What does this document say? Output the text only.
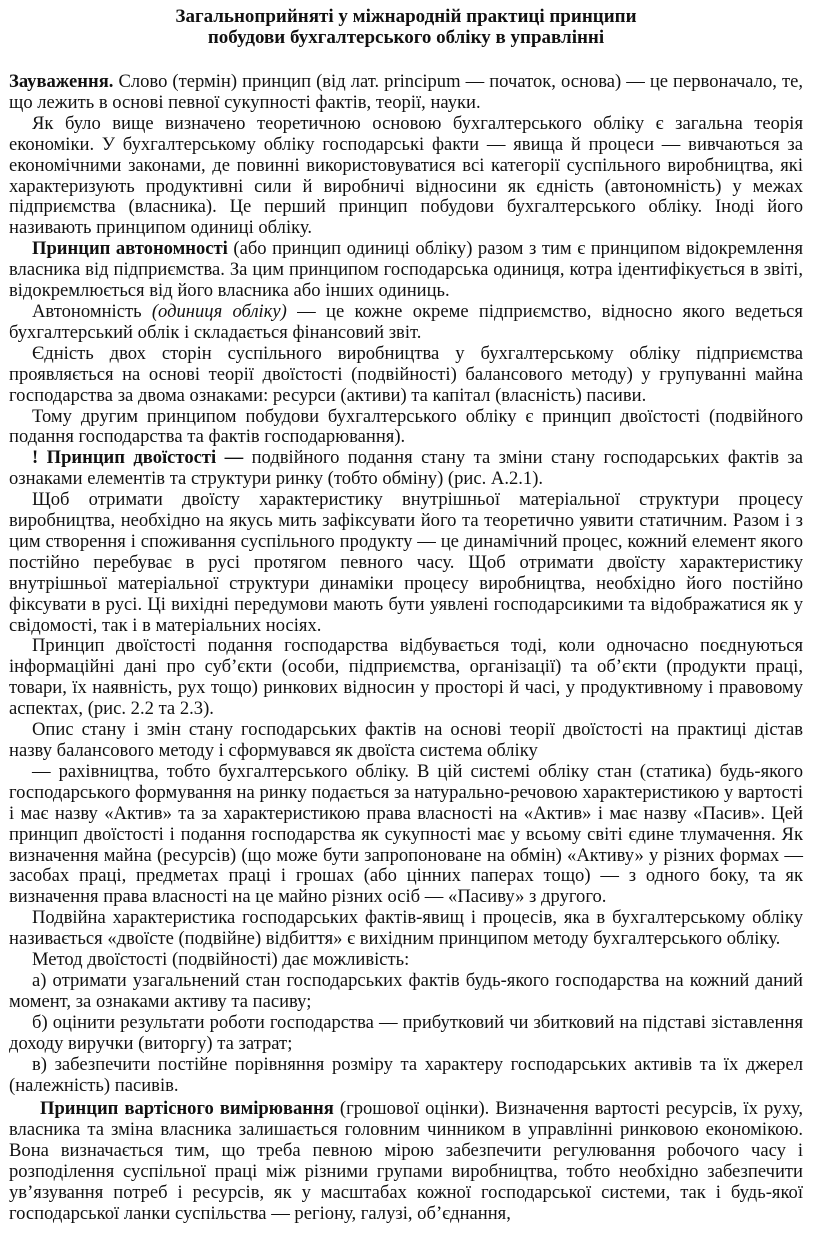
Загальноприйняті у міжнародній практиці принципи
побудови бухгалтерського обліку в управлінні

Зауваження. Слово (термін) принцип (від лат. principum — початок, основа) — це первоначало, те, що лежить в основі певної сукупності фактів, теорії, науки.

Як було вище визначено теоретичною основою бухгалтерського обліку є загальна теорія економіки. У бухгалтерському обліку господарські факти — явища й процеси — вивчаються за економічними законами, де повинні використовуватися всі категорії суспільного виробництва, які характеризують продуктивні сили й виробничі відносини як єдність (автономність) у межах підприємства (власника). Це перший принцип побудови бухгалтерського обліку. Іноді його називають принципом одиниці обліку.

Принцип автономності (або принцип одиниці обліку) разом з тим є принципом відокремлення власника від підприємства. За цим принципом господарська одиниця, котра ідентифікується в звіті, відокремлюється від його власника або інших одиниць.

Автономність (одиниця обліку) — це кожне окреме підприємство, відносно якого ведеться бухгалтерський облік і складається фінансовий звіт.

Єдність двох сторін суспільного виробництва у бухгалтерському обліку підприємства проявляється на основі теорії двоїстості (подвійності) балансового методу) у групуванні майна господарства за двома ознаками: ресурси (активи) та капітал (власність) пасиви.

Тому другим принципом побудови бухгалтерського обліку є принцип двоїстості (подвійного подання господарства та фактів господарювання).

! Принцип двоїстості — подвійного подання стану та зміни стану господарських фактів за ознаками елементів та структури ринку (тобто обміну) (рис. А.2.1).

Щоб отримати двоїсту характеристику внутрішньої матеріальної структури процесу виробництва, необхідно на якусь мить зафіксувати його та теоретично уявити статичним. Разом і з цим створення і споживання суспільного продукту — це динамічний процес, кожний елемент якого постійно перебуває в русі протягом певного часу. Щоб отримати двоїсту характеристику внутрішньої матеріальної структури динаміки процесу виробництва, необхідно його постійно фіксувати в русі. Ці вихідні передумови мають бути уявлені господарсикими та відображатися як у свідомості, так і в матеріальних носіях.

Принцип двоїстості подання господарства відбувається тоді, коли одночасно поєднуються інформаційні дані про суб’єкти (особи, підприємства, організації) та об’єкти (продукти праці, товари, їх наявність, рух тощо) ринкових відносин у просторі й часі, у продуктивному і правовому аспектах, (рис. 2.2 та 2.3).

Опис стану і змін стану господарських фактів на основі теорії двоїстості на практиці дістав назву балансового методу і сформувався як двоїста система обліку

— рахівництва, тобто бухгалтерського обліку. В цій системі обліку стан (статика) будь-якого господарського формування на ринку подається за натурально-речовою характеристикою у вартості і має назву «Актив» та за характеристикою права власності на «Актив» і має назву «Пасив». Цей принцип двоїстості і подання господарства як сукупності має у всьому світі єдине тлумачення. Як визначення майна (ресурсів) (що може бути запропоноване на обмін) «Активу» у різних формах — засобах праці, предметах праці і грошах (або цінних паперах тощо) — з одного боку, та як визначення права власності на це майно різних осіб — «Пасиву» з другого.

Подвійна характеристика господарських фактів-явищ і процесів, яка в бухгалтерському обліку називається «двоїсте (подвійне) відбиття» є вихідним принципом методу бухгалтерського обліку.

Метод двоїстості (подвійності) дає можливість:

а) отримати узагальнений стан господарських фактів будь-якого господарства на кожний даний момент, за ознаками активу та пасиву;

б) оцінити результати роботи господарства — прибутковий чи збитковий на підставі зіставлення доходу виручки (виторгу) та затрат;

в) забезпечити постійне порівняння розміру та характеру господарських активів та їх джерел (належність) пасивів.

Принцип вартісного вимірювання (грошової оцінки). Визначення вартості ресурсів, їх руху, власника та зміна власника залишається головним чинником в управлінні ринковою економікою. Вона визначається тим, що треба певною мірою забезпечити регулювання робочого часу і розподілення суспільної праці між різними групами виробництва, тобто необхідно забезпечити ув’язування потреб і ресурсів, як у масштабах кожної господарської системи, так і будь-якої господарської ланки суспільства — регіону, галузі, об’єднання,
